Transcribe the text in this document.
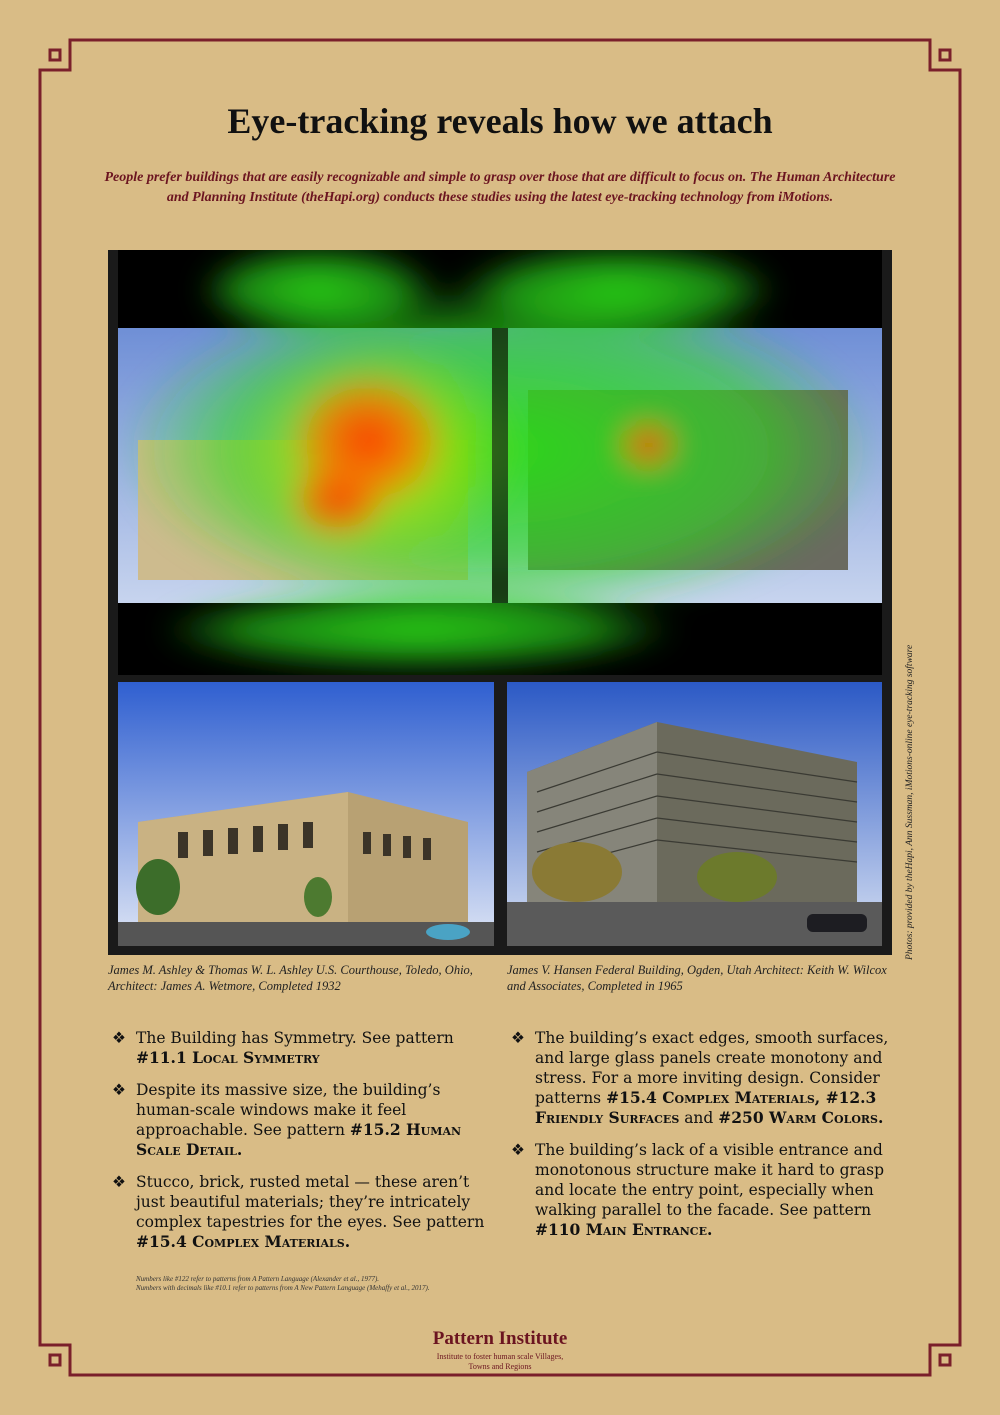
Eye-tracking reveals how we attach
People prefer buildings that are easily recognizable and simple to grasp over those that are difficult to focus on. The Human Architecture and Planning Institute (theHapi.org) conducts these studies using the latest eye-tracking technology from iMotions.
Photos: provided by theHapi, Ann Sussman, iMotions-online eye-tracking software
James M. Ashley & Thomas W. L. Ashley U.S. Courthouse, Toledo, Ohio, Architect: James A. Wetmore, Completed 1932
James V. Hansen Federal Building, Ogden, Utah Architect: Keith W. Wilcox and Associates, Completed in 1965
❖ The Building has Symmetry. See pattern #11.1 Local Symmetry
❖ Despite its massive size, the building’s human-scale windows make it feel approachable. See pattern #15.2 Human Scale Detail.
❖ Stucco, brick, rusted metal — these aren’t just beautiful materials; they’re intricately complex tapestries for the eyes. See pattern #15.4 Complex Materials.
❖ The building’s exact edges, smooth surfaces, and large glass panels create monotony and stress. For a more inviting design. Consider patterns #15.4 Complex Materials, #12.3 Friendly Surfaces and #250 Warm Colors.
❖ The building’s lack of a visible entrance and monotonous structure make it hard to grasp and locate the entry point, especially when walking parallel to the facade. See pattern #110 Main Entrance.
Numbers like #122 refer to patterns from A Pattern Language (Alexander et al., 1977).
Numbers with decimals like #10.1 refer to patterns from A New Pattern Language (Mehaffy et al., 2017).
Pattern Institute
Institute to foster human scale Villages,
Towns and Regions
